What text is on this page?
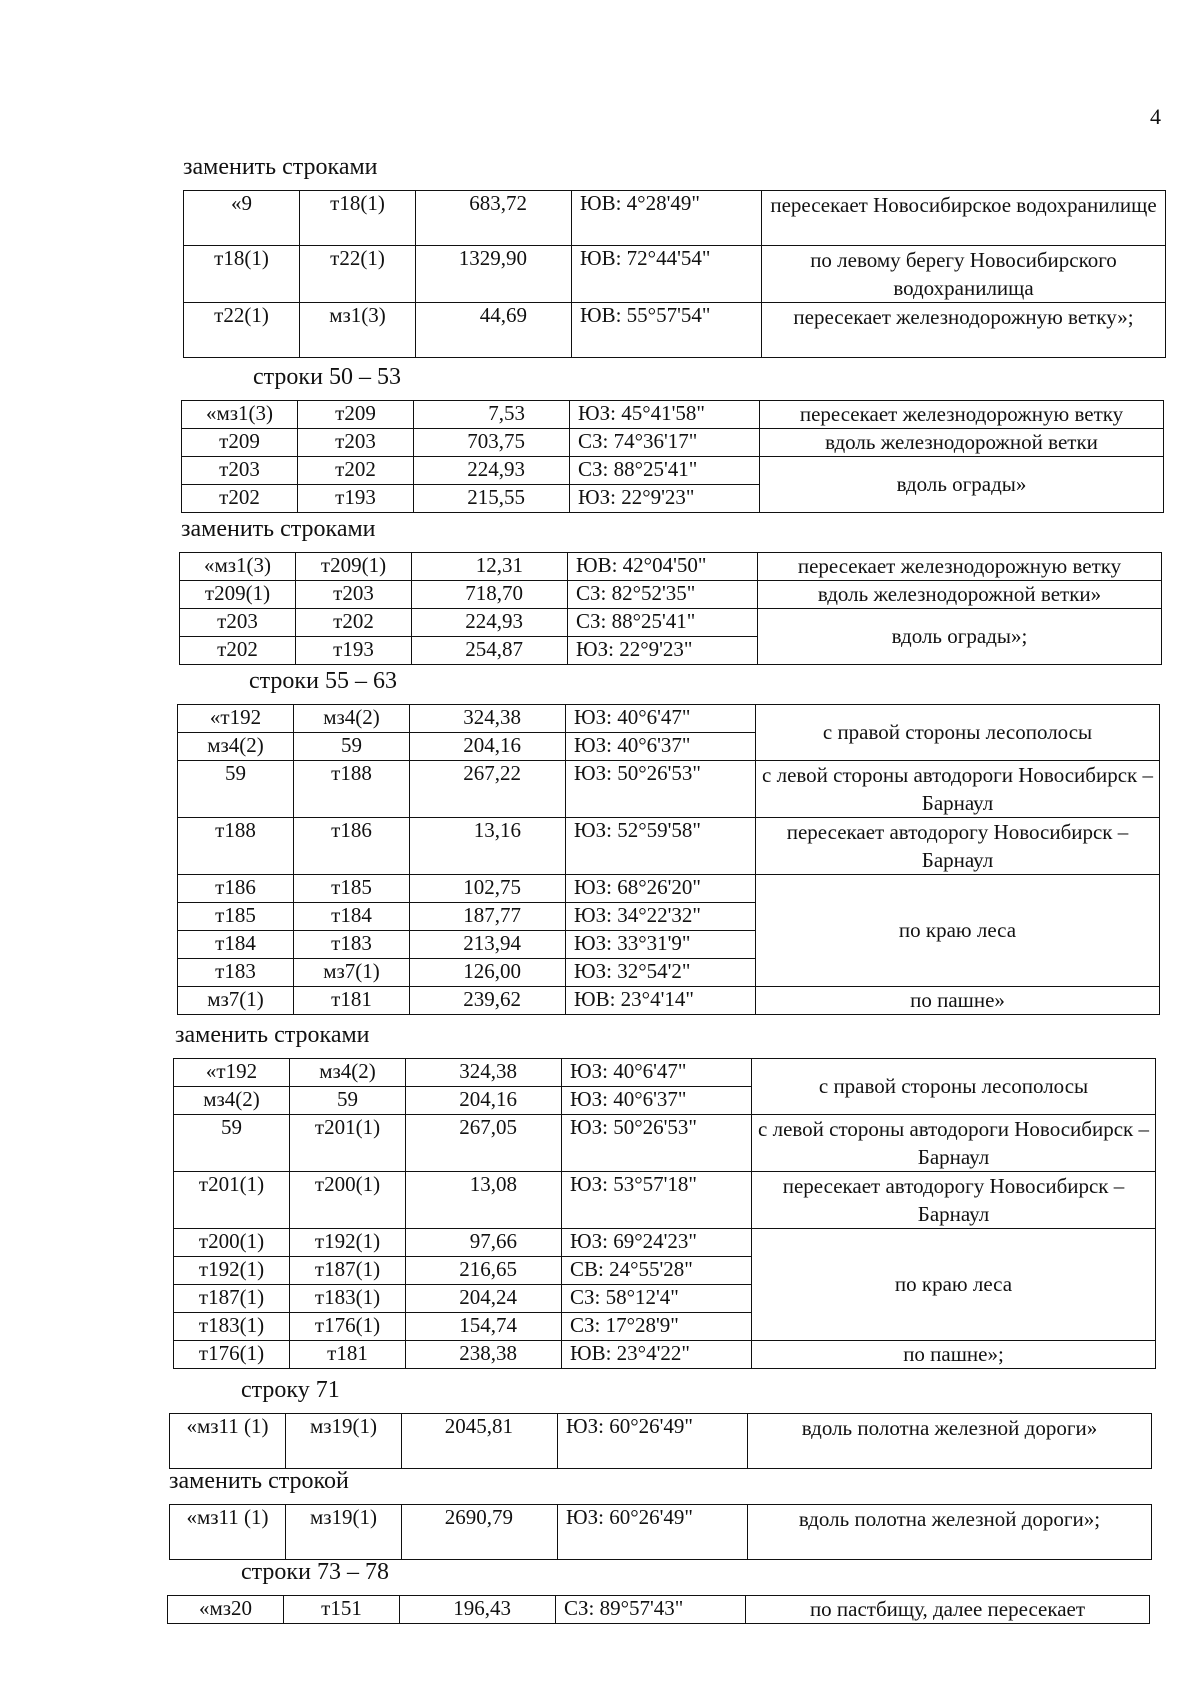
4
заменить строками
«9	т18(1)	683,72	ЮВ: 4°28'49"	пересекает Новосибирское водохранилище
т18(1)	т22(1)	1329,90	ЮВ: 72°44'54"	по левому берегу Новосибирского водохранилища
т22(1)	мз1(3)	44,69	ЮВ: 55°57'54"	пересекает железнодорожную ветку»;
строки 50 – 53
«мз1(3)	т209	7,53	ЮЗ: 45°41'58"	пересекает железнодорожную ветку
т209	т203	703,75	СЗ: 74°36'17"	вдоль железнодорожной ветки
т203	т202	224,93	СЗ: 88°25'41"	вдоль ограды»
т202	т193	215,55	ЮЗ: 22°9'23"	
заменить строками
«мз1(3)	т209(1)	12,31	ЮВ: 42°04'50"	пересекает железнодорожную ветку
т209(1)	т203	718,70	СЗ: 82°52'35"	вдоль железнодорожной ветки»
т203	т202	224,93	СЗ: 88°25'41"	вдоль ограды»;
т202	т193	254,87	ЮЗ: 22°9'23"	
строки 55 – 63
«т192	мз4(2)	324,38	ЮЗ: 40°6'47"	с правой стороны лесополосы
мз4(2)	59	204,16	ЮЗ: 40°6'37"	
59	т188	267,22	ЮЗ: 50°26'53"	с левой стороны автодороги Новосибирск – Барнаул
т188	т186	13,16	ЮЗ: 52°59'58"	пересекает автодорогу Новосибирск – Барнаул
т186	т185	102,75	ЮЗ: 68°26'20"	по краю леса
т185	т184	187,77	ЮЗ: 34°22'32"	
т184	т183	213,94	ЮЗ: 33°31'9"	
т183	мз7(1)	126,00	ЮЗ: 32°54'2"	
мз7(1)	т181	239,62	ЮВ: 23°4'14"	по пашне»
заменить строками
«т192	мз4(2)	324,38	ЮЗ: 40°6'47"	с правой стороны лесополосы
мз4(2)	59	204,16	ЮЗ: 40°6'37"	
59	т201(1)	267,05	ЮЗ: 50°26'53"	с левой стороны автодороги Новосибирск – Барнаул
т201(1)	т200(1)	13,08	ЮЗ: 53°57'18"	пересекает автодорогу Новосибирск – Барнаул
т200(1)	т192(1)	97,66	ЮЗ: 69°24'23"	по краю леса
т192(1)	т187(1)	216,65	СВ: 24°55'28"	
т187(1)	т183(1)	204,24	СЗ: 58°12'4"	
т183(1)	т176(1)	154,74	СЗ: 17°28'9"	
т176(1)	т181	238,38	ЮВ: 23°4'22"	по пашне»;
строку 71
«мз11 (1)	мз19(1)	2045,81	ЮЗ: 60°26'49"	вдоль полотна железной дороги»
заменить строкой
«мз11 (1)	мз19(1)	2690,79	ЮЗ: 60°26'49"	вдоль полотна железной дороги»;
строки 73 – 78
«мз20	т151	196,43	СЗ: 89°57'43"	по пастбищу, далее пересекает
